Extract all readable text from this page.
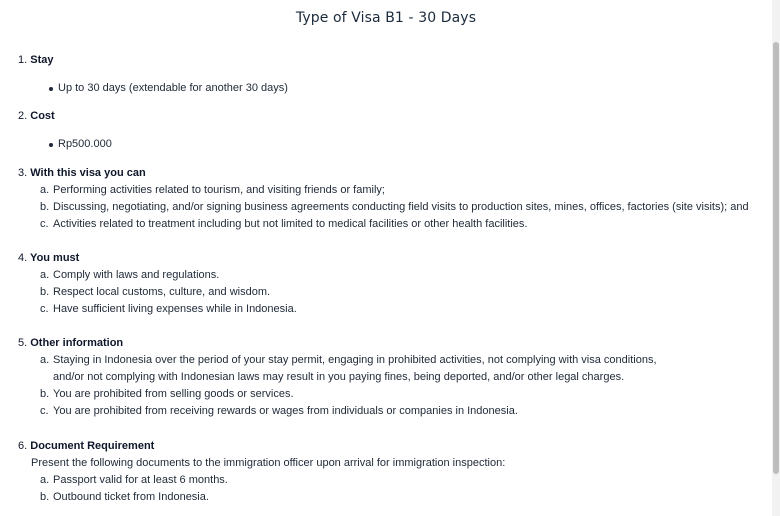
Type of Visa B1 - 30 Days
1. Stay
Up to 30 days (extendable for another 30 days)
2. Cost
Rp500.000
3. With this visa you can
a. Performing activities related to tourism, and visiting friends or family;
b. Discussing, negotiating, and/or signing business agreements conducting field visits to production sites, mines, offices, factories (site visits); and
c. Activities related to treatment including but not limited to medical facilities or other health facilities.
4. You must
a. Comply with laws and regulations.
b. Respect local customs, culture, and wisdom.
c. Have sufficient living expenses while in Indonesia.
5. Other information
a. Staying in Indonesia over the period of your stay permit, engaging in prohibited activities, not complying with visa conditions,
and/or not complying with Indonesian laws may result in you paying fines, being deported, and/or other legal charges.
b. You are prohibited from selling goods or services.
c. You are prohibited from receiving rewards or wages from individuals or companies in Indonesia.
6. Document Requirement
Present the following documents to the immigration officer upon arrival for immigration inspection:
a. Passport valid for at least 6 months.
b. Outbound ticket from Indonesia.
